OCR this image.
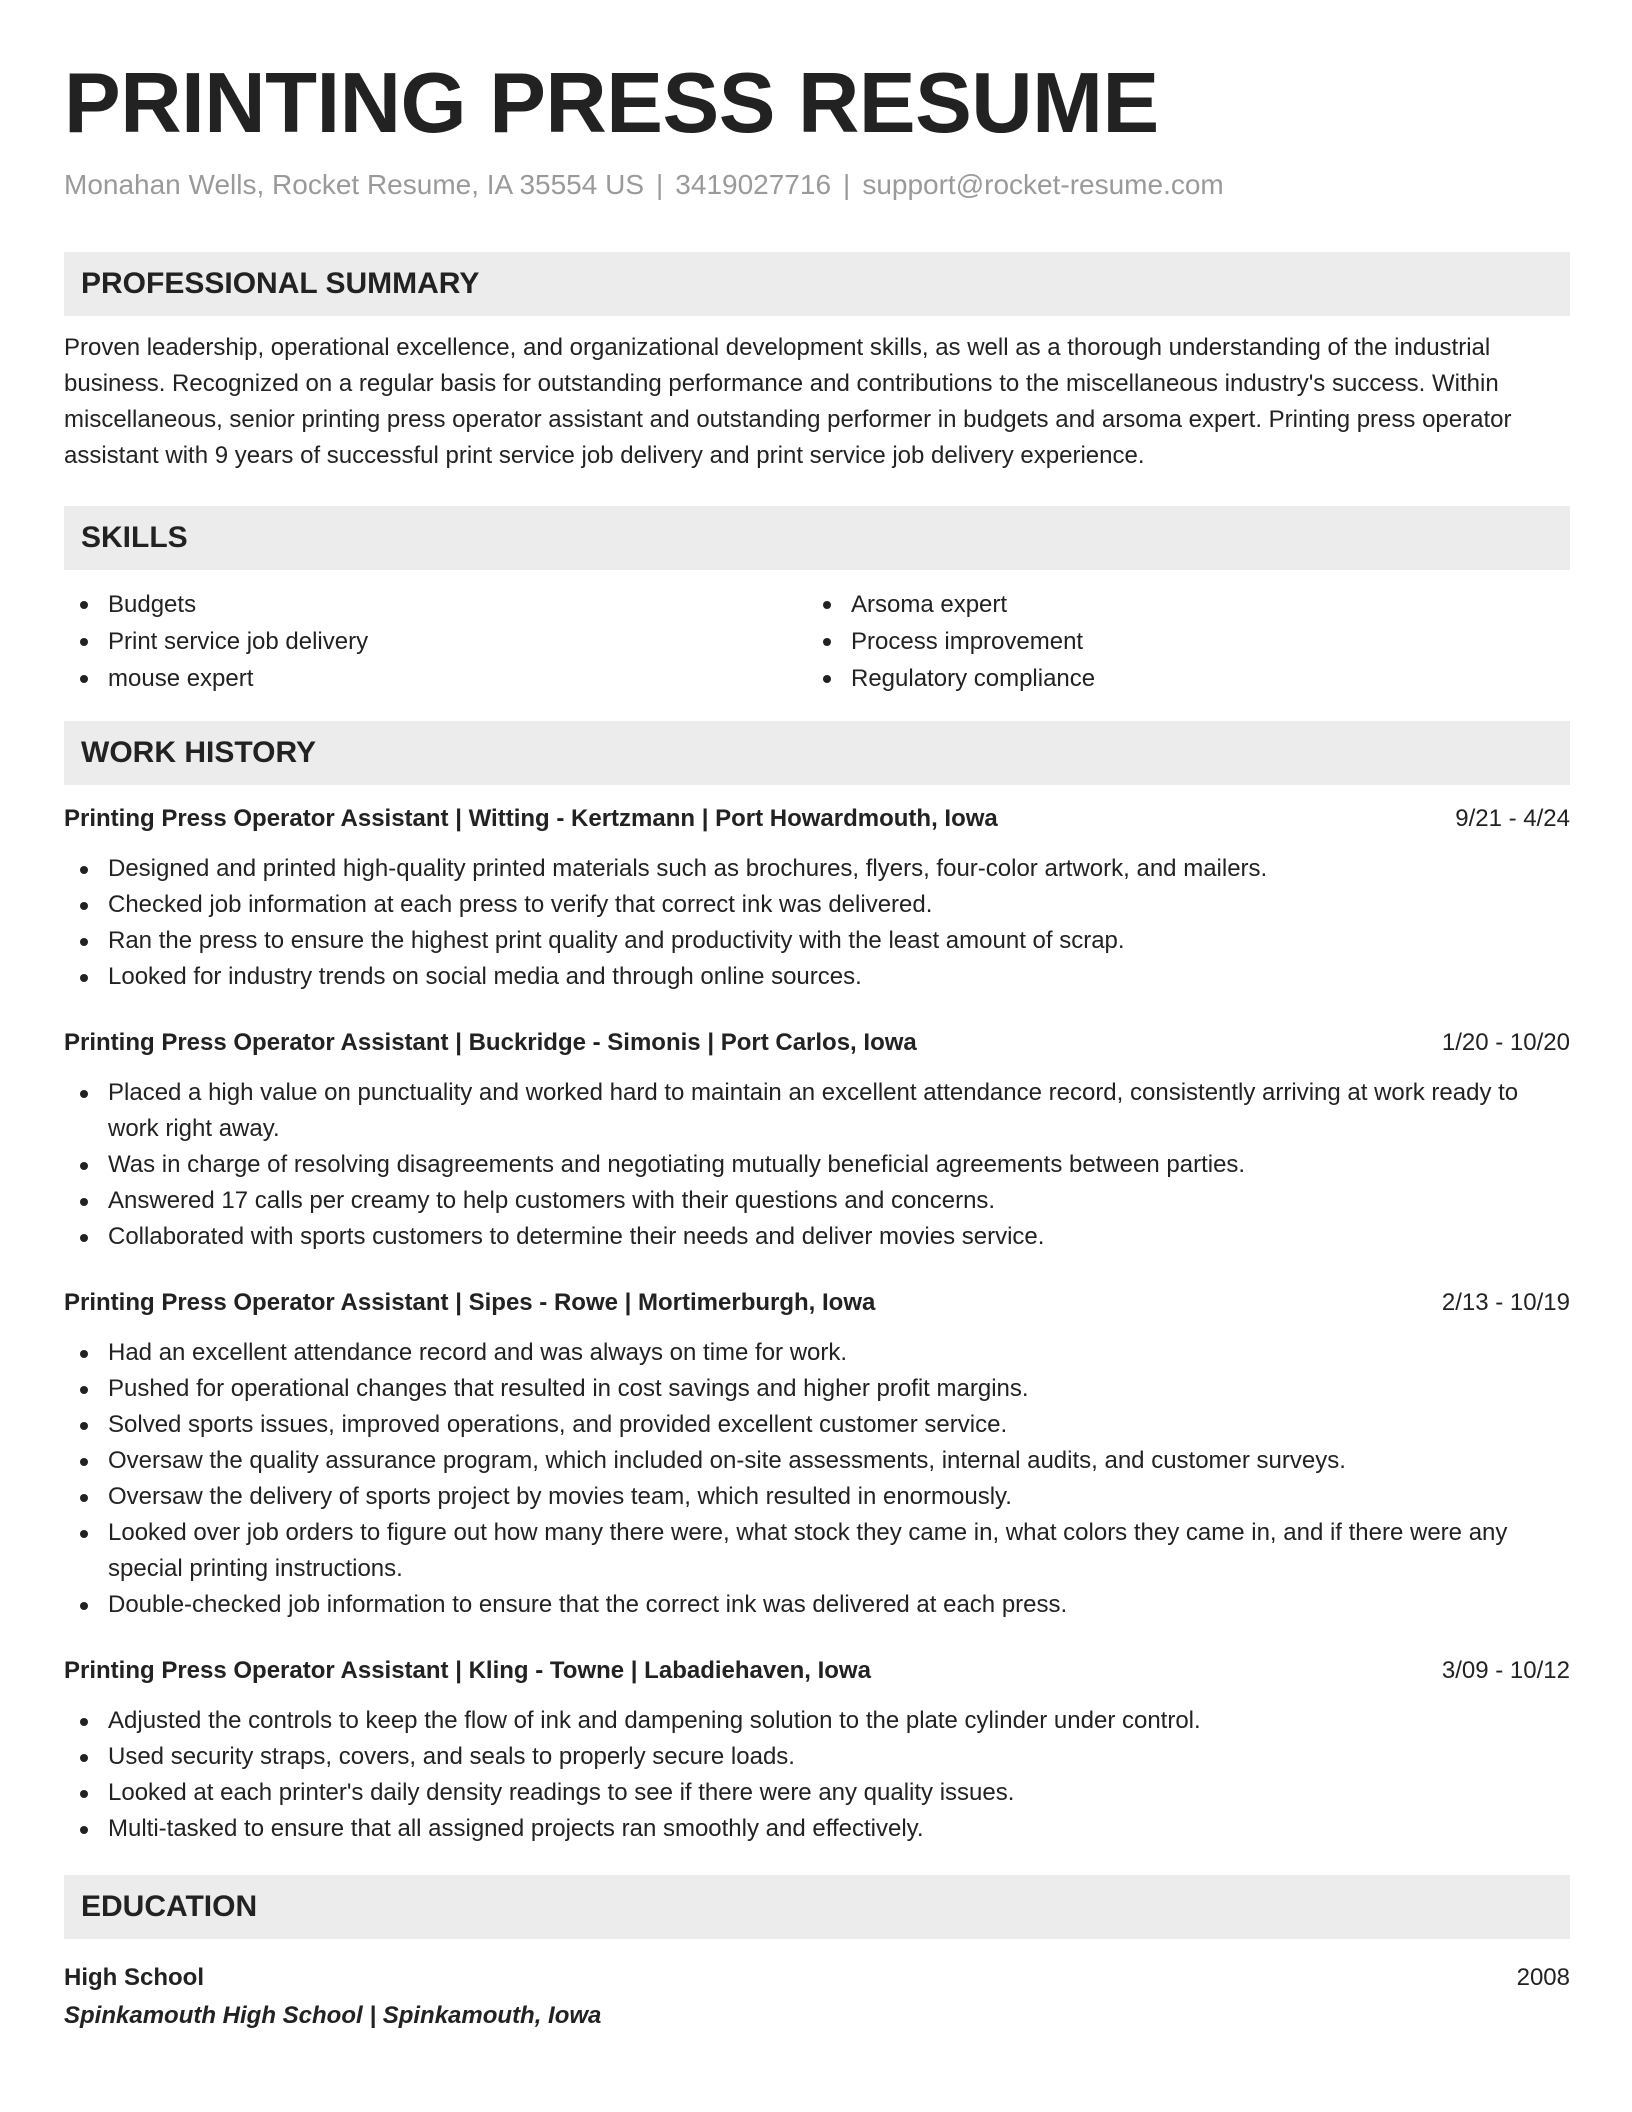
PRINTING PRESS RESUME
Monahan Wells, Rocket Resume, IA 35554 US | 3419027716 | support@rocket-resume.com
PROFESSIONAL SUMMARY
Proven leadership, operational excellence, and organizational development skills, as well as a thorough understanding of the industrial business. Recognized on a regular basis for outstanding performance and contributions to the miscellaneous industry's success. Within miscellaneous, senior printing press operator assistant and outstanding performer in budgets and arsoma expert. Printing press operator assistant with 9 years of successful print service job delivery and print service job delivery experience.
SKILLS
Budgets
Print service job delivery
mouse expert
Arsoma expert
Process improvement
Regulatory compliance
WORK HISTORY
Printing Press Operator Assistant | Witting - Kertzmann | Port Howardmouth, Iowa	9/21 - 4/24
Designed and printed high-quality printed materials such as brochures, flyers, four-color artwork, and mailers.
Checked job information at each press to verify that correct ink was delivered.
Ran the press to ensure the highest print quality and productivity with the least amount of scrap.
Looked for industry trends on social media and through online sources.
Printing Press Operator Assistant | Buckridge - Simonis | Port Carlos, Iowa	1/20 - 10/20
Placed a high value on punctuality and worked hard to maintain an excellent attendance record, consistently arriving at work ready to work right away.
Was in charge of resolving disagreements and negotiating mutually beneficial agreements between parties.
Answered 17 calls per creamy to help customers with their questions and concerns.
Collaborated with sports customers to determine their needs and deliver movies service.
Printing Press Operator Assistant | Sipes - Rowe | Mortimerburgh, Iowa	2/13 - 10/19
Had an excellent attendance record and was always on time for work.
Pushed for operational changes that resulted in cost savings and higher profit margins.
Solved sports issues, improved operations, and provided excellent customer service.
Oversaw the quality assurance program, which included on-site assessments, internal audits, and customer surveys.
Oversaw the delivery of sports project by movies team, which resulted in enormously.
Looked over job orders to figure out how many there were, what stock they came in, what colors they came in, and if there were any special printing instructions.
Double-checked job information to ensure that the correct ink was delivered at each press.
Printing Press Operator Assistant | Kling - Towne | Labadiehaven, Iowa	3/09 - 10/12
Adjusted the controls to keep the flow of ink and dampening solution to the plate cylinder under control.
Used security straps, covers, and seals to properly secure loads.
Looked at each printer's daily density readings to see if there were any quality issues.
Multi-tasked to ensure that all assigned projects ran smoothly and effectively.
EDUCATION
High School	2008
Spinkamouth High School | Spinkamouth, Iowa
